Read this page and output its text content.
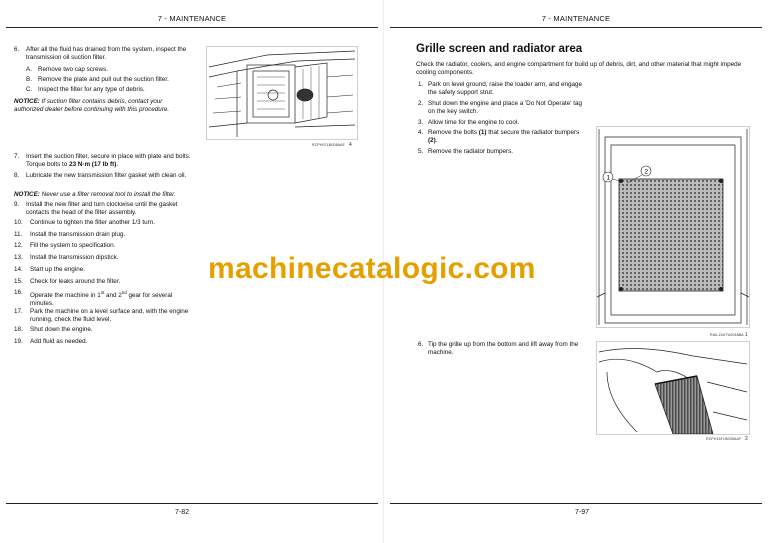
7 - MAINTENANCE
6. After all the fluid has drained from the system, inspect the transmission oil suction filter.
A. Remove two cap screws.
B. Remove the plate and pull out the suction filter.
C. Inspect the filter for any type of debris.
NOTICE: If suction filter contains debris, contact your authorized dealer before continuing with this procedure.
RCPH07LB008AAF 4
7. Insert the suction filter, secure in place with plate and bolts. Torque bolts to 23 N·m (17 lb ft).
8. Lubricate the new transmission filter gasket with clean oil.
NOTICE: Never use a filter removal tool to install the filter.
9. Install the new filter and turn clockwise until the gasket contacts the head of the filter assembly.
10. Continue to tighten the filter another 1/3 turn.
11. Install the transmission drain plug.
12. Fill the system to specification.
13. Install the transmission dipstick.
14. Start up the engine.
15. Check for leaks around the filter.
16. Operate the machine in 1st and 2nd gear for several minutes.
17. Park the machine on a level surface and, with the engine running, check the fluid level.
18. Shut down the engine.
19. Add fluid as needed.
7-82
7 - MAINTENANCE
7-97
Grille screen and radiator area
Check the radiator, coolers, and engine compartment for build up of debris, dirt, and other material that might impede cooling components.
1. Park on level ground, raise the loader arm, and engage the safety support strut.
2. Shut down the engine and place a 'Do Not Operate' tag on the key switch.
3. Allow time for the engine to cool.
4. Remove the bolts (1) that secure the radiator bumpers (2).
5. Remove the radiator bumpers.
1
2
RAIL15UTU0048BA 1
6. Tip the grille up from the bottom and lift away from the machine.
RCPH15TLB035AAF 2
machinecatalogic.com
